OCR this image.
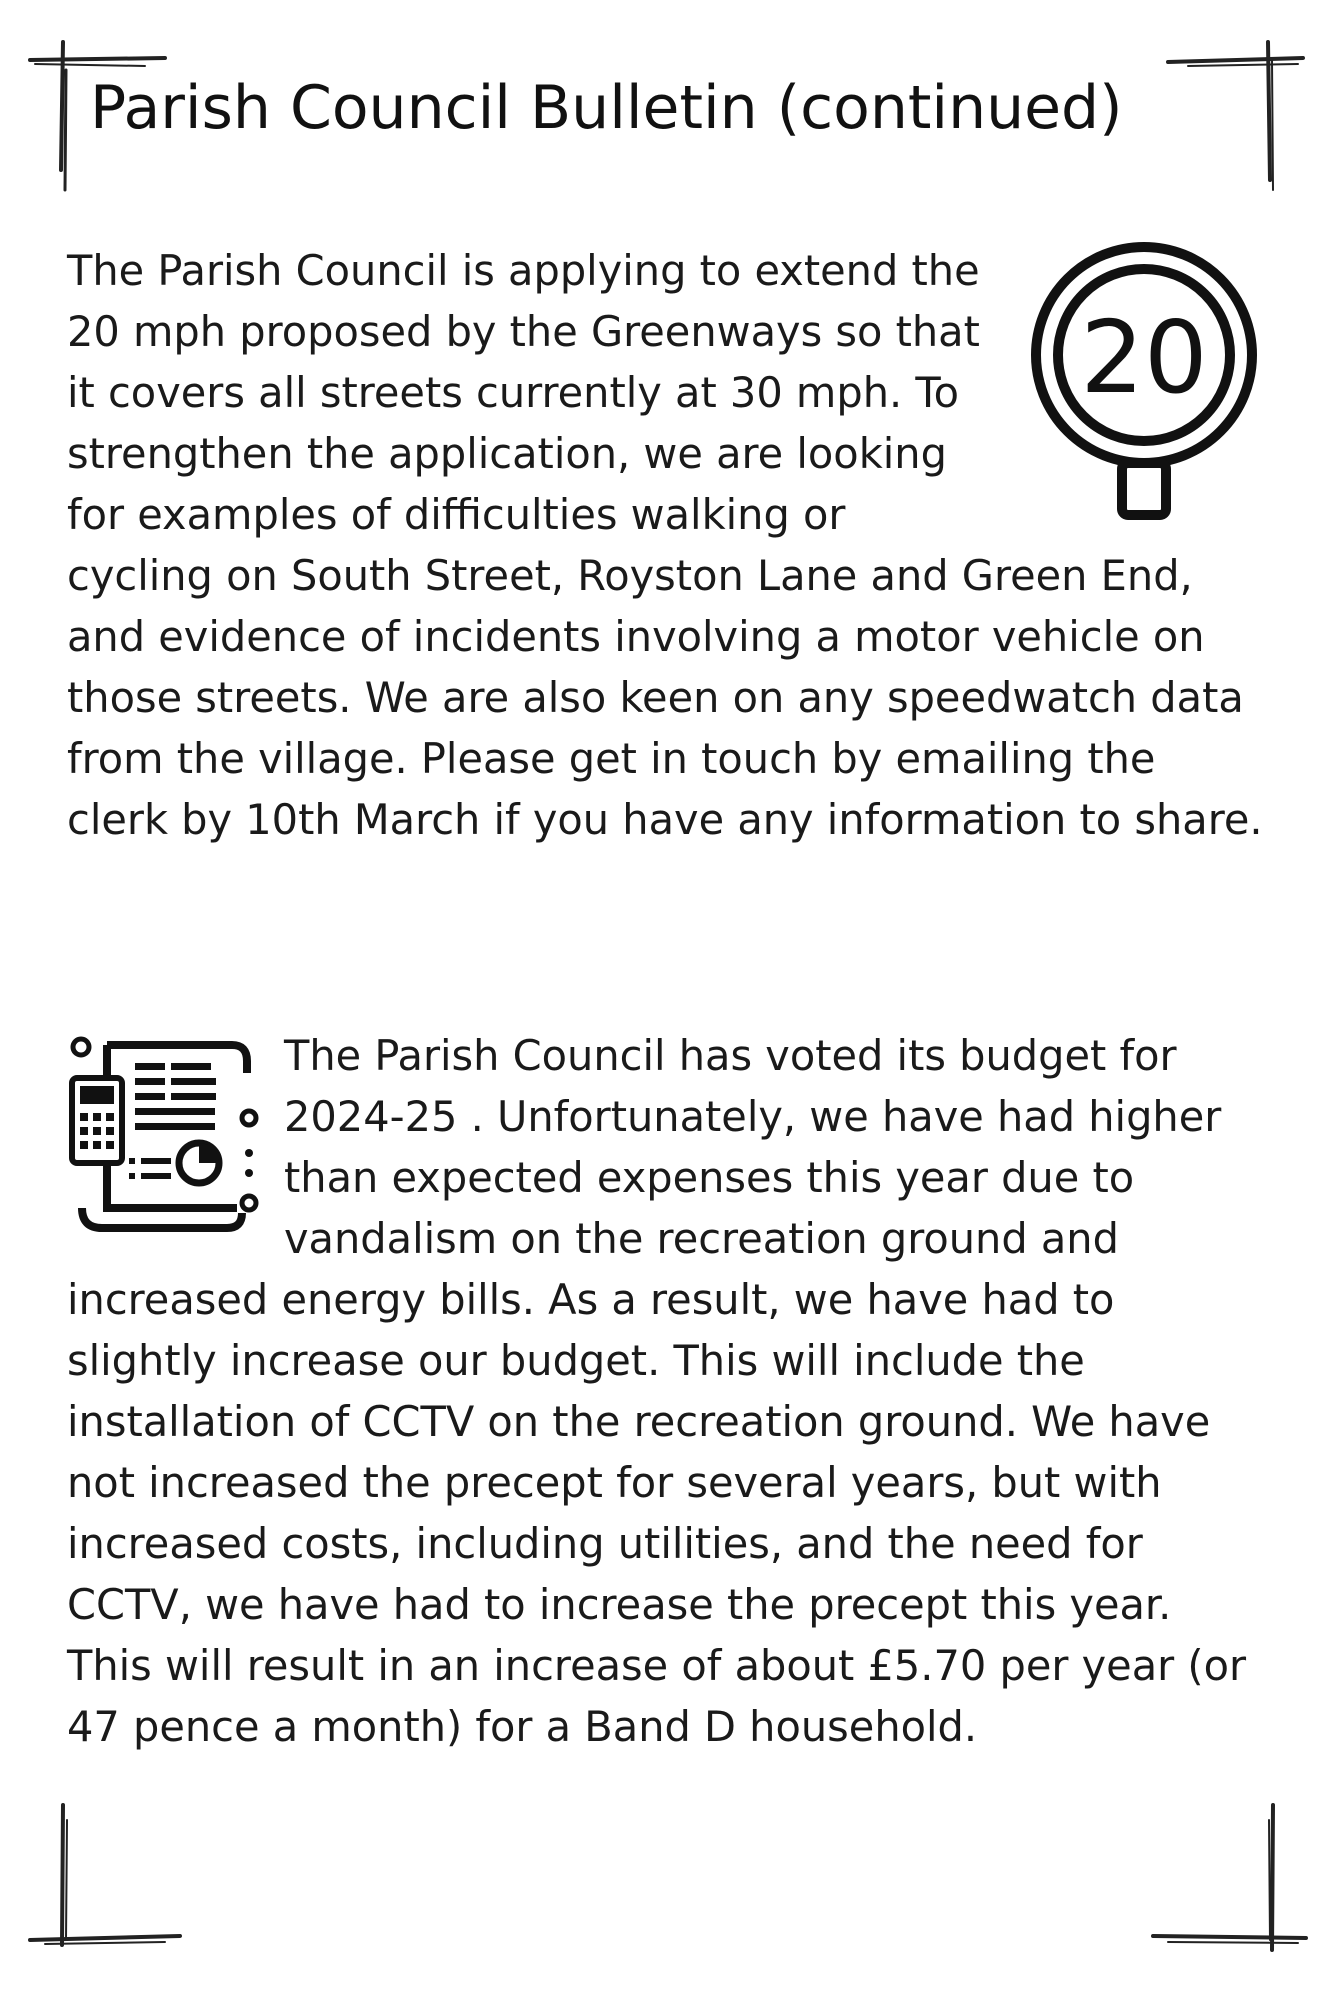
Parish Council Bulletin (continued)
20

The Parish Council is applying to extend the 20 mph proposed by the Greenways so that it covers all streets currently at 30 mph. To strengthen the application, we are looking for examples of difficulties walking or cycling on South Street, Royston Lane and Green End, and evidence of incidents involving a motor vehicle on those streets. We are also keen on any speedwatch data from the village. Please get in touch by emailing the clerk by 10th March if you have any information to share.

The Parish Council has voted its budget for 2024-25 . Unfortunately, we have had higher than expected expenses this year due to vandalism on the recreation ground and increased energy bills. As a result, we have had to slightly increase our budget. This will include the installation of CCTV on the recreation ground. We have not increased the precept for several years, but with increased costs, including utilities, and the need for CCTV, we have had to increase the precept this year. This will result in an increase of about £5.70 per year (or 47 pence a month) for a Band D household.
